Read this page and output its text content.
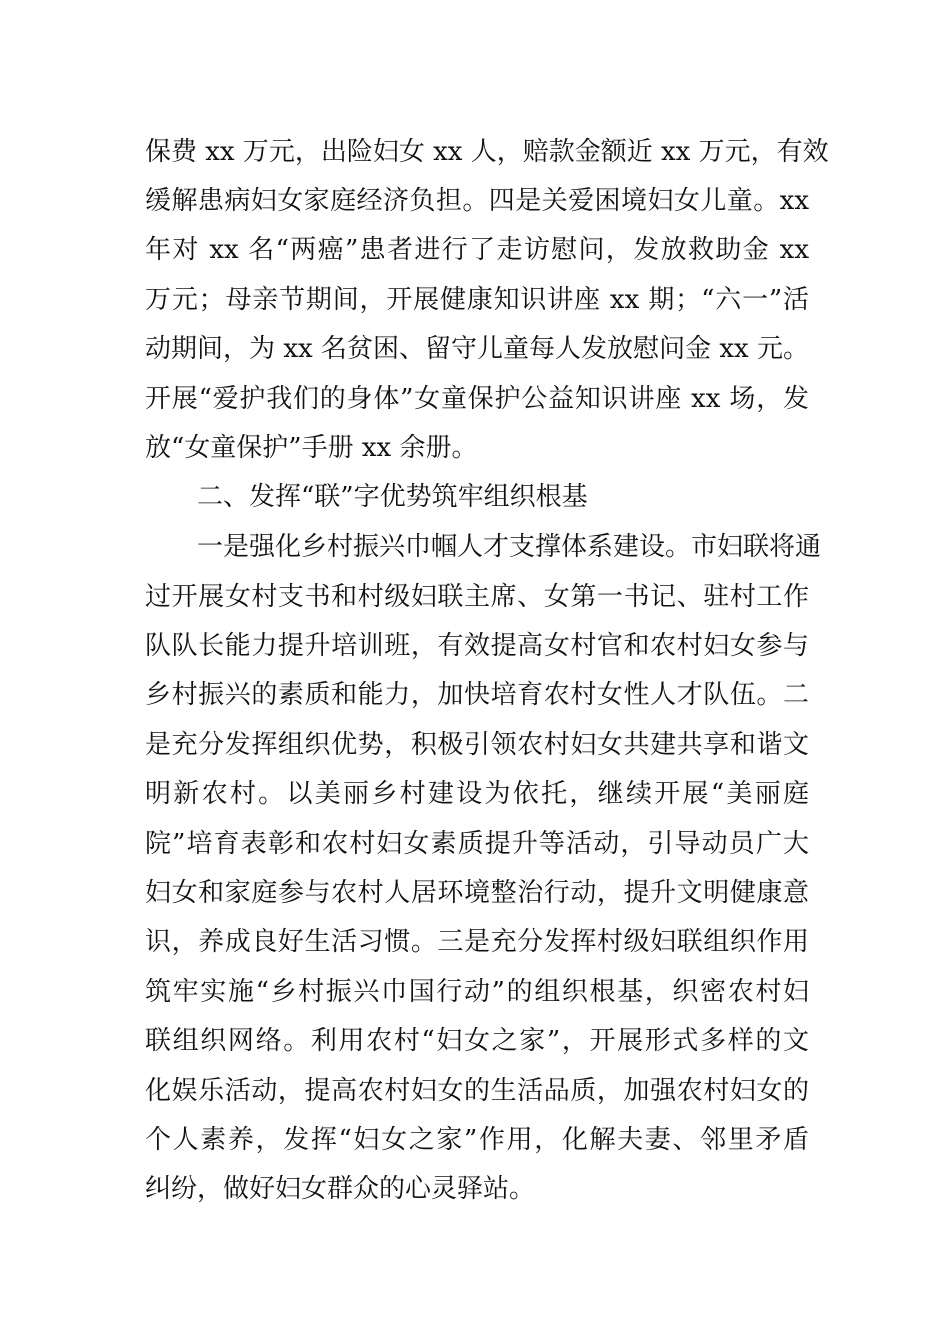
保费 xx 万元，出险妇女 xx 人，赔款金额近 xx 万元，有效
缓解患病妇女家庭经济负担。四是关爱困境妇女儿童。xx
年对 xx 名“两癌”患者进行了走访慰问，发放救助金 xx
万元；母亲节期间，开展健康知识讲座 xx 期；“六一”活
动期间，为 xx 名贫困、留守儿童每人发放慰问金 xx 元。
开展“爱护我们的身体”女童保护公益知识讲座 xx 场，发
放“女童保护”手册 xx 余册。
二、发挥“联”字优势筑牢组织根基
一是强化乡村振兴巾帼人才支撑体系建设。市妇联将通
过开展女村支书和村级妇联主席、女第一书记、驻村工作
队队长能力提升培训班，有效提高女村官和农村妇女参与
乡村振兴的素质和能力，加快培育农村女性人才队伍。二
是充分发挥组织优势，积极引领农村妇女共建共享和谐文
明新农村。以美丽乡村建设为依托，继续开展“美丽庭
院”培育表彰和农村妇女素质提升等活动，引导动员广大
妇女和家庭参与农村人居环境整治行动，提升文明健康意
识，养成良好生活习惯。三是充分发挥村级妇联组织作用
筑牢实施“乡村振兴巾国行动”的组织根基，织密农村妇
联组织网络。利用农村“妇女之家”，开展形式多样的文
化娱乐活动，提高农村妇女的生活品质，加强农村妇女的
个人素养，发挥“妇女之家”作用，化解夫妻、邻里矛盾
纠纷，做好妇女群众的心灵驿站。
